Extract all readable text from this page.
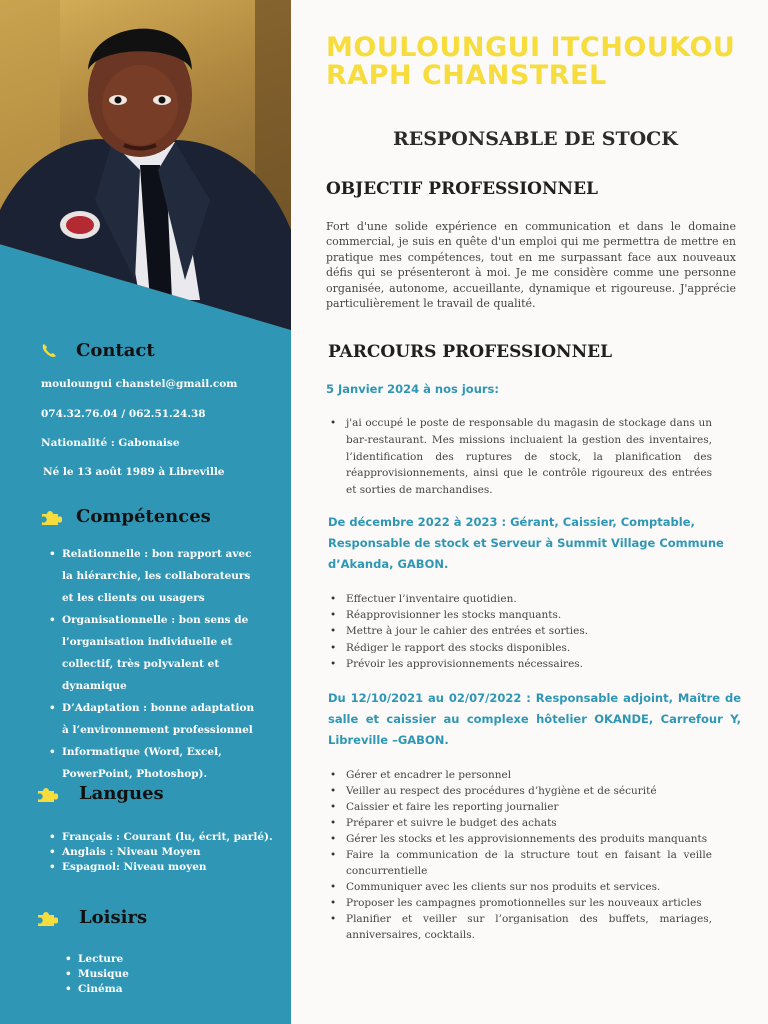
Contact
mouloungui chanstel@gmail.com
074.32.76.04 / 062.51.24.38
Nationalité : Gabonaise
Né le 13 août 1989 à Libreville
Compétences
• Relationnelle : bon rapport avec la hiérarchie, les collaborateurs et les clients ou usagers
• Organisationnelle : bon sens de l’organisation individuelle et collectif, très polyvalent et dynamique
• D’Adaptation : bonne adaptation à l’environnement professionnel
• Informatique (Word, Excel, PowerPoint, Photoshop).
Langues
• Français : Courant (lu, écrit, parlé).
• Anglais : Niveau Moyen
• Espagnol: Niveau moyen
Loisirs
• Lecture
• Musique
• Cinéma
MOULOUNGUI ITCHOUKOU
RAPH CHANSTREL
RESPONSABLE DE STOCK
OBJECTIF PROFESSIONNEL

Fort d'une solide expérience en communication et dans le domaine commercial, je suis en quête d'un emploi qui me permettra de mettre en pratique mes compétences, tout en me surpassant face aux nouveaux défis qui se présenteront à moi. Je me considère comme une personne organisée, autonome, accueillante, dynamique et rigoureuse. J'apprécie particulièrement le travail de qualité.

PARCOURS PROFESSIONNEL
5 Janvier 2024 à nos jours:
• j'ai occupé le poste de responsable du magasin de stockage dans un bar-restaurant. Mes missions incluaient la gestion des inventaires, l’identification des ruptures de stock, la planification des réapprovisionnements, ainsi que le contrôle rigoureux des entrées et sorties de marchandises.
De décembre 2022 à 2023 : Gérant, Caissier, Comptable, Responsable de stock et Serveur à Summit Village Commune d’Akanda, GABON.
• Effectuer l’inventaire quotidien.
• Réapprovisionner les stocks manquants.
• Mettre à jour le cahier des entrées et sorties.
• Rédiger le rapport des stocks disponibles.
• Prévoir les approvisionnements nécessaires.
Du 12/10/2021 au 02/07/2022 : Responsable adjoint, Maître de salle et caissier au complexe hôtelier OKANDE, Carrefour Y, Libreville –GABON.
• Gérer et encadrer le personnel
• Veiller au respect des procédures d’hygiène et de sécurité
• Caissier et faire les reporting journalier
• Préparer et suivre le budget des achats
• Gérer les stocks et les approvisionnements des produits manquants
• Faire la communication de la structure tout en faisant la veille concurrentielle
• Communiquer avec les clients sur nos produits et services.
• Proposer les campagnes promotionnelles sur les nouveaux articles
• Planifier et veiller sur l’organisation des buffets, mariages, anniversaires, cocktails.
